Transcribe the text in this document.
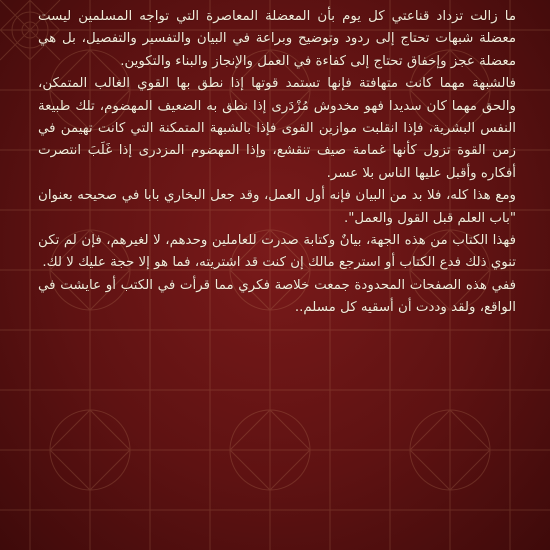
ما زالت تزداد قناعتي كل يوم بأن المعضلة المعاصرة التي تواجه المسلمين ليست معضلة شبهات تحتاج إلى ردود وتوضيح وبراعة في البيان والتفسير والتفصيل، بل هي معضلة عجز وإخفاق تحتاج إلى كفاءة في العمل والإنجاز والبناء والتكوين.

فالشبهة مهما كانت متهافتة فإنها تستمد قوتها إذا نطق بها القوي الغالب المتمكن، والحق مهما كان سديدا فهو مخدوش مُزْدَرى إذا نطق به الضعيف المهضوم، تلك طبيعة النفس البشرية، فإذا انقلبت موازين القوى فإذا بالشبهة المتمكنة التي كانت تهيمن في زمن القوة تزول كأنها غمامة صيف تنقشع، وإذا المهضوم المزدرى إذا غَلَبَ انتصرت أفكاره وأقبل عليها الناس بلا عسر.

ومع هذا كله، فلا بد من البيان فإنه أول العمل، وقد جعل البخاري بابا في صحيحه بعنوان "باب العلم قبل القول والعمل".

فهذا الكتاب من هذه الجهة، بيانٌ وكتابة صدرت للعاملين وحدهم، لا لغيرهم، فإن لم تكن تنوي ذلك فدع الكتاب أو استرجع مالك إن كنت قد اشتريته، فما هو إلا حجة عليك لا لك.

ففي هذه الصفحات المحدودة جمعت خلاصة فكري مما قرأت في الكتب أو عايشت في الواقع، ولقد وددت أن أسقيه كل مسلم..
